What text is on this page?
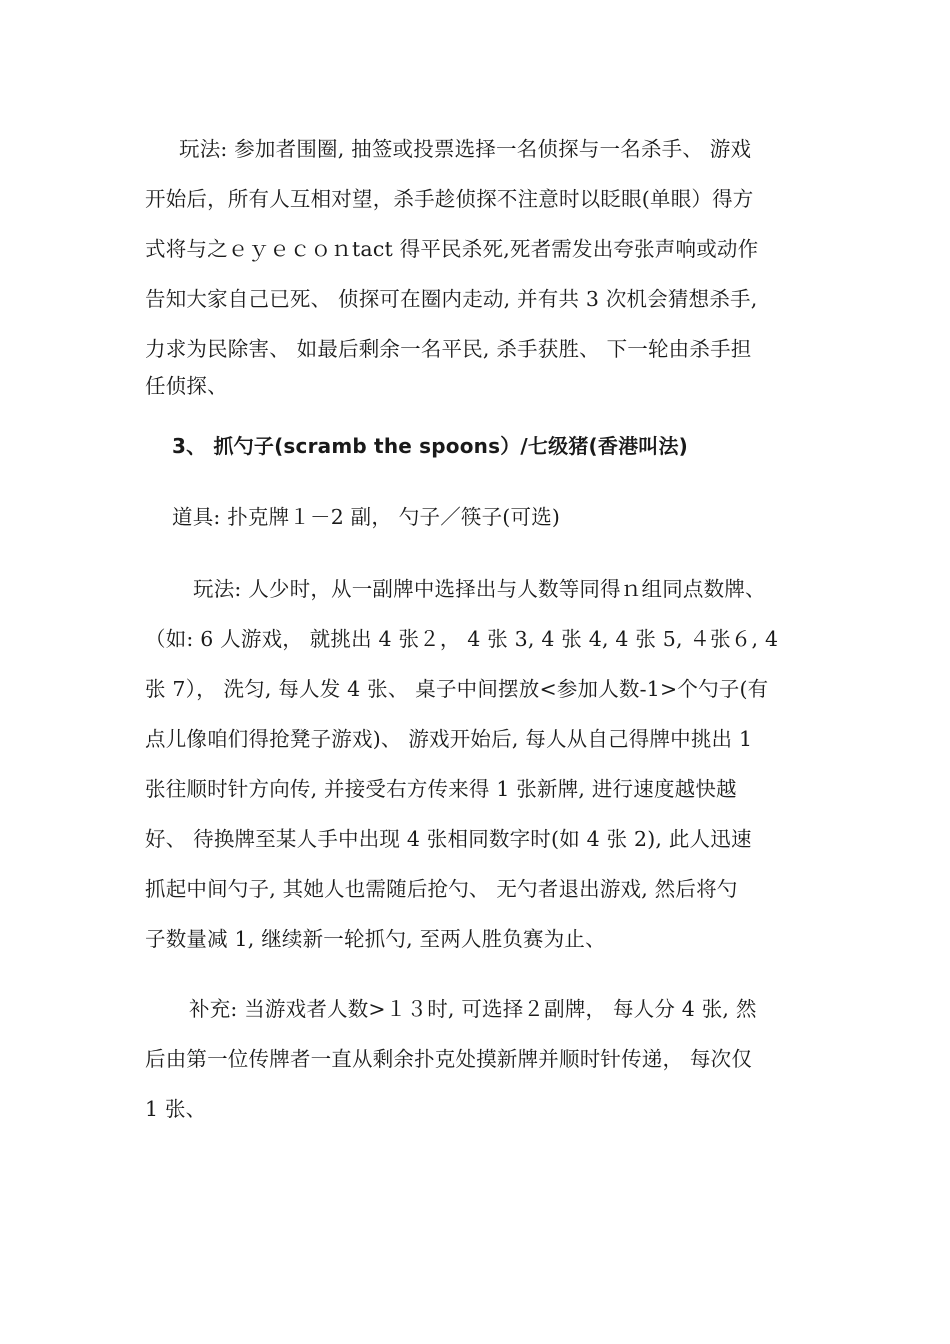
玩法: 参加者围圈, 抽签或投票选择一名侦探与一名杀手、 游戏
开始后，所有人互相对望，杀手趁侦探不注意时以眨眼(单眼）得方
式将与之ｅｙｅｃｏｎtact 得平民杀死,死者需发出夸张声响或动作
告知大家自己已死、 侦探可在圈内走动, 并有共 3 次机会猜想杀手,
力求为民除害、 如最后剩余一名平民, 杀手获胜、 下一轮由杀手担
任侦探、
3、 抓勺子(scramb the spoons）/七级猪(香港叫法)
道具: 扑克牌１－2 副， 勺子／筷子(可选)
玩法: 人少时，从一副牌中选择出与人数等同得ｎ组同点数牌、
（如: 6 人游戏， 就挑出 4 张２， 4 张 3, 4 张 4, 4 张 5, ４张６, 4
张 7）， 洗匀, 每人发 4 张、 桌子中间摆放<参加人数-1>个勺子(有
点儿像咱们得抢凳子游戏)、 游戏开始后, 每人从自己得牌中挑出 1
张往顺时针方向传, 并接受右方传来得 1 张新牌, 进行速度越快越
好、 待换牌至某人手中出现 4 张相同数字时(如 4 张 2), 此人迅速
抓起中间勺子, 其她人也需随后抢勺、 无勺者退出游戏, 然后将勺
子数量减 1, 继续新一轮抓勺, 至两人胜负赛为止、
补充: 当游戏者人数>１３时, 可选择２副牌， 每人分 4 张, 然
后由第一位传牌者一直从剩余扑克处摸新牌并顺时针传递， 每次仅
1 张、
